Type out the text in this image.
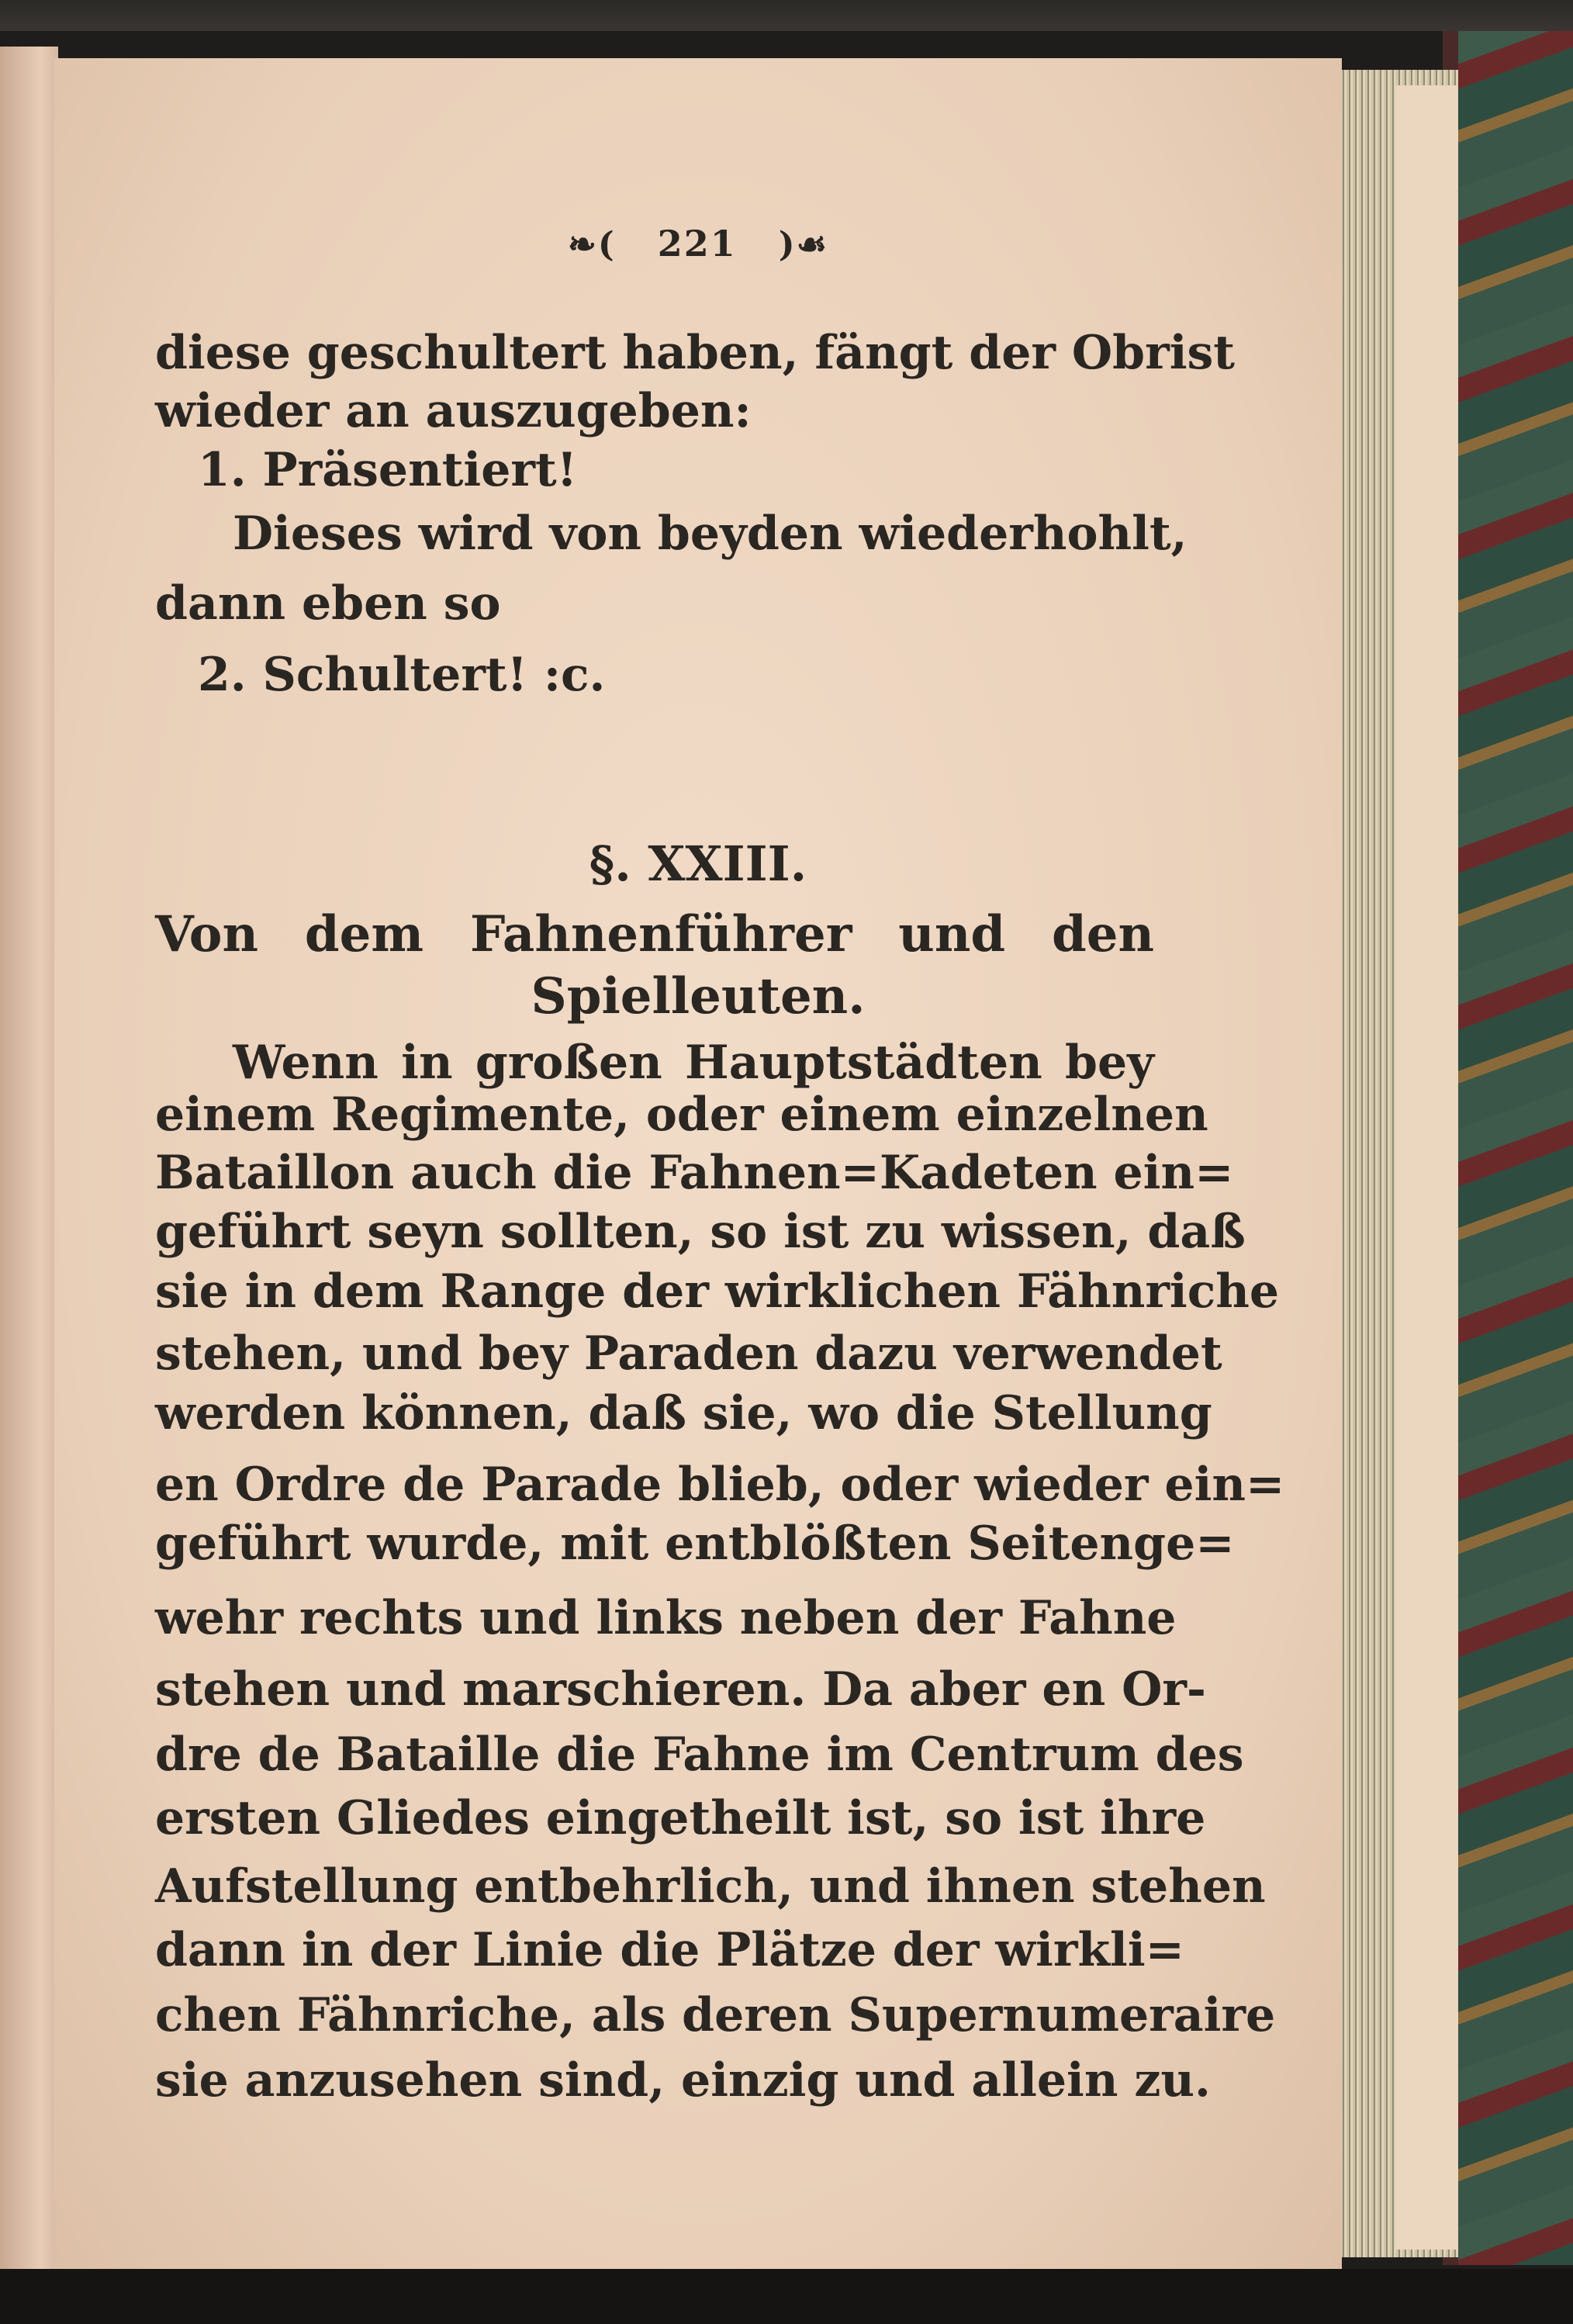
❧( 221 )☙
diese geschultert haben, fängt der Obrist
wieder an auszugeben:
1. Präsentiert!
Dieses wird von beyden wiederhohlt,
dann eben so
2. Schultert! :c.
§. XXIII.
Von dem Fahnenführer und den
Spielleuten.
Wenn in großen Hauptstädten bey
einem Regimente, oder einem einzelnen
Bataillon auch die Fahnen=Kadeten ein=
geführt seyn sollten, so ist zu wissen, daß
sie in dem Range der wirklichen Fähnriche
stehen, und bey Paraden dazu verwendet
werden können, daß sie, wo die Stellung
en Ordre de Parade blieb, oder wieder ein=
geführt wurde, mit entblößten Seitenge=
wehr rechts und links neben der Fahne
stehen und marschieren. Da aber en Or-
dre de Bataille die Fahne im Centrum des
ersten Gliedes eingetheilt ist, so ist ihre
Aufstellung entbehrlich, und ihnen stehen
dann in der Linie die Plätze der wirkli=
chen Fähnriche, als deren Supernumeraire
sie anzusehen sind, einzig und allein zu.
